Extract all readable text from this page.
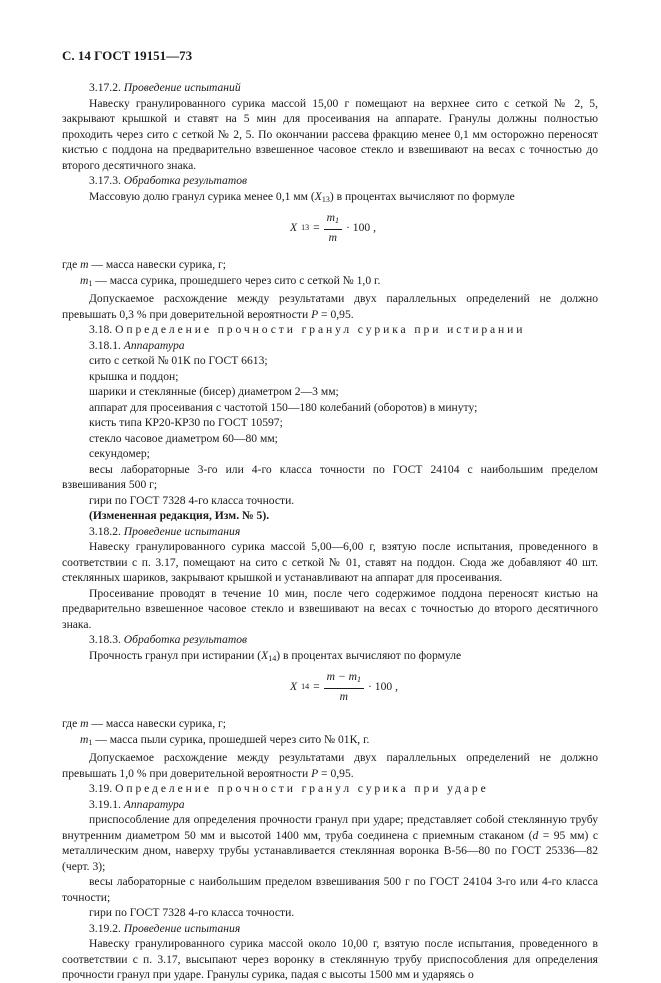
С. 14 ГОСТ 19151—73

3.17.2. Проведение испытаний

Навеску гранулированного сурика массой 15,00 г помещают на верхнее сито с сеткой № 2, 5, закрывают крышкой и ставят на 5 мин для просеивания на аппарате. Гранулы должны полностью проходить через сито с сеткой № 2, 5. По окончании рассева фракцию менее 0,1 мм осторожно переносят кистью с поддона на предварительно взвешенное часовое стекло и взвешивают на весах с точностью до второго десятичного знака.

3.17.3. Обработка результатов

Массовую долю гранул сурика менее 0,1 мм $(X_{13})$ в процентах вычисляют по формуле

X $13 = \frac{m_1}{m} \cdot 100$ ,

где m — масса навески сурика, г;

$m_1$ — масса сурика, прошедшего через сито с сеткой № 1,0 г.

Допускаемое расхождение между результатами двух параллельных определений не должно превышать 0,3 % при доверительной вероятности P = 0,95.

3.18. Определение прочности гранул сурика при истирании

3.18.1. Аппаратура

сито с сеткой № 01К по ГОСТ 6613;

крышка и поддон;

шарики и стеклянные (бисер) диаметром 2—3 мм;

аппарат для просеивания с частотой 150—180 колебаний (оборотов) в минуту;

кисть типа КР20-КР30 по ГОСТ 10597;

стекло часовое диаметром 60—80 мм;

секундомер;

весы лабораторные 3-го или 4-го класса точности по ГОСТ 24104 с наибольшим пределом взвешивания 500 г;

гири по ГОСТ 7328 4-го класса точности.

(Измененная редакция, Изм. № 5).

3.18.2. Проведение испытания

Навеску гранулированного сурика массой 5,00—6,00 г, взятую после испытания, проведенного в соответствии с п. 3.17, помещают на сито с сеткой № 01, ставят на поддон. Сюда же добавляют 40 шт. стеклянных шариков, закрывают крышкой и устанавливают на аппарат для просеивания.

Просеивание проводят в течение 10 мин, после чего содержимое поддона переносят кистью на предварительно взвешенное часовое стекло и взвешивают на весах с точностью до второго десятичного знака.

3.18.3. Обработка результатов

Прочность гранул при истирании $(X_{14})$ в процентах вычисляют по формуле

X $14 = \frac{m - m_1}{m} \cdot 100$ ,

где m — масса навески сурика, г;

$m_1$ — масса пыли сурика, прошедшей через сито № 01К, г.

Допускаемое расхождение между результатами двух параллельных определений не должно превышать 1,0 % при доверительной вероятности P = 0,95.

3.19. Определение прочности гранул сурика при ударе

3.19.1. Аппаратура

приспособление для определения прочности гранул при ударе; представляет собой стеклянную трубу внутренним диаметром 50 мм и высотой 1400 мм, труба соединена с приемным стаканом (d = 95 мм) с металлическим дном, наверху трубы устанавливается стеклянная воронка В-56—80 по ГОСТ 25336—82 (черт. 3);

весы лабораторные с наибольшим пределом взвешивания 500 г по ГОСТ 24104 3-го или 4-го класса точности;

гири по ГОСТ 7328 4-го класса точности.

3.19.2. Проведение испытания

Навеску гранулированного сурика массой около 10,00 г, взятую после испытания, проведенного в соответствии с п. 3.17, высыпают через воронку в стеклянную трубу приспособления для определения прочности гранул при ударе. Гранулы сурика, падая с высоты 1500 мм и ударяясь о
